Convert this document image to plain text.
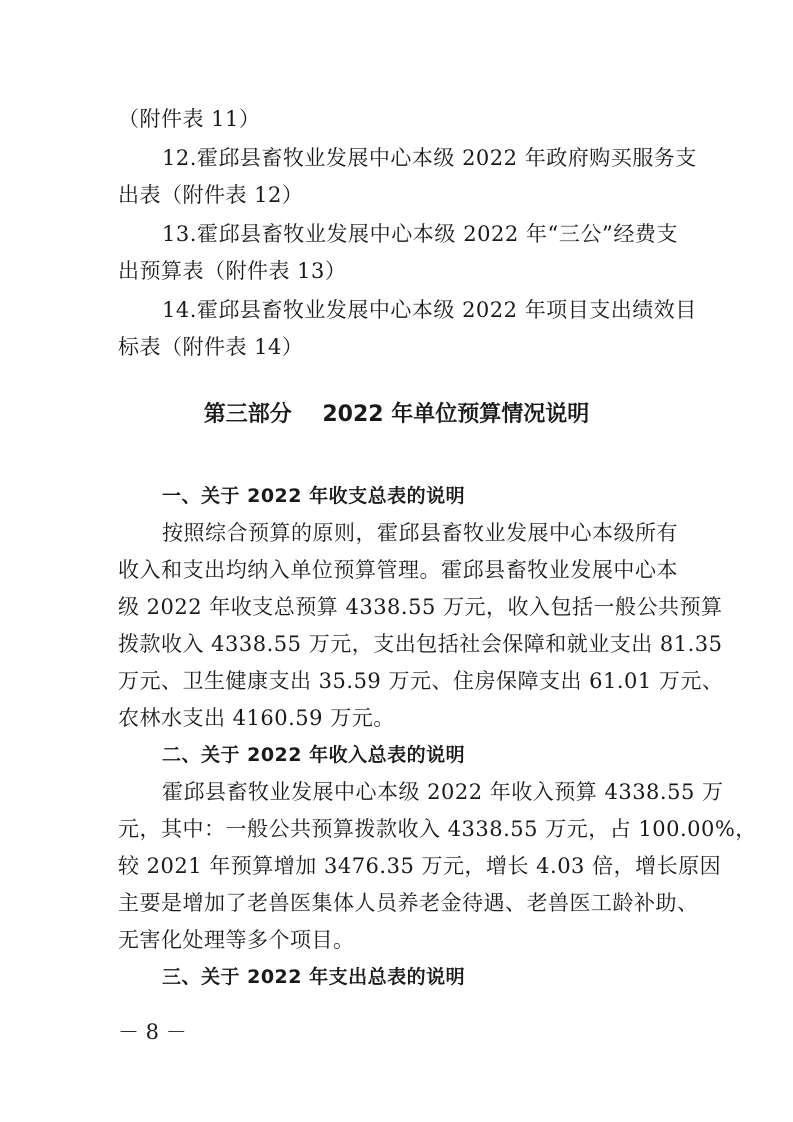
（附件表 11）
12.霍邱县畜牧业发展中心本级 2022 年政府购买服务支
出表（附件表 12）
13.霍邱县畜牧业发展中心本级 2022 年“三公”经费支
出预算表（附件表 13）
14.霍邱县畜牧业发展中心本级 2022 年项目支出绩效目
标表（附件表 14）
第三部分    2022 年单位预算情况说明
一、关于 2022 年收支总表的说明
按照综合预算的原则，霍邱县畜牧业发展中心本级所有
收入和支出均纳入单位预算管理。霍邱县畜牧业发展中心本
级 2022 年收支总预算 4338.55 万元，收入包括一般公共预算
拨款收入 4338.55 万元，支出包括社会保障和就业支出 81.35
万元、卫生健康支出 35.59 万元、住房保障支出 61.01 万元、
农林水支出 4160.59 万元。
二、关于 2022 年收入总表的说明
霍邱县畜牧业发展中心本级 2022 年收入预算 4338.55 万
元，其中：一般公共预算拨款收入 4338.55 万元，占 100.00%，
较 2021 年预算增加 3476.35 万元，增长 4.03 倍，增长原因
主要是增加了老兽医集体人员养老金待遇、老兽医工龄补助、
无害化处理等多个项目。
三、关于 2022 年支出总表的说明
－ 8 －
